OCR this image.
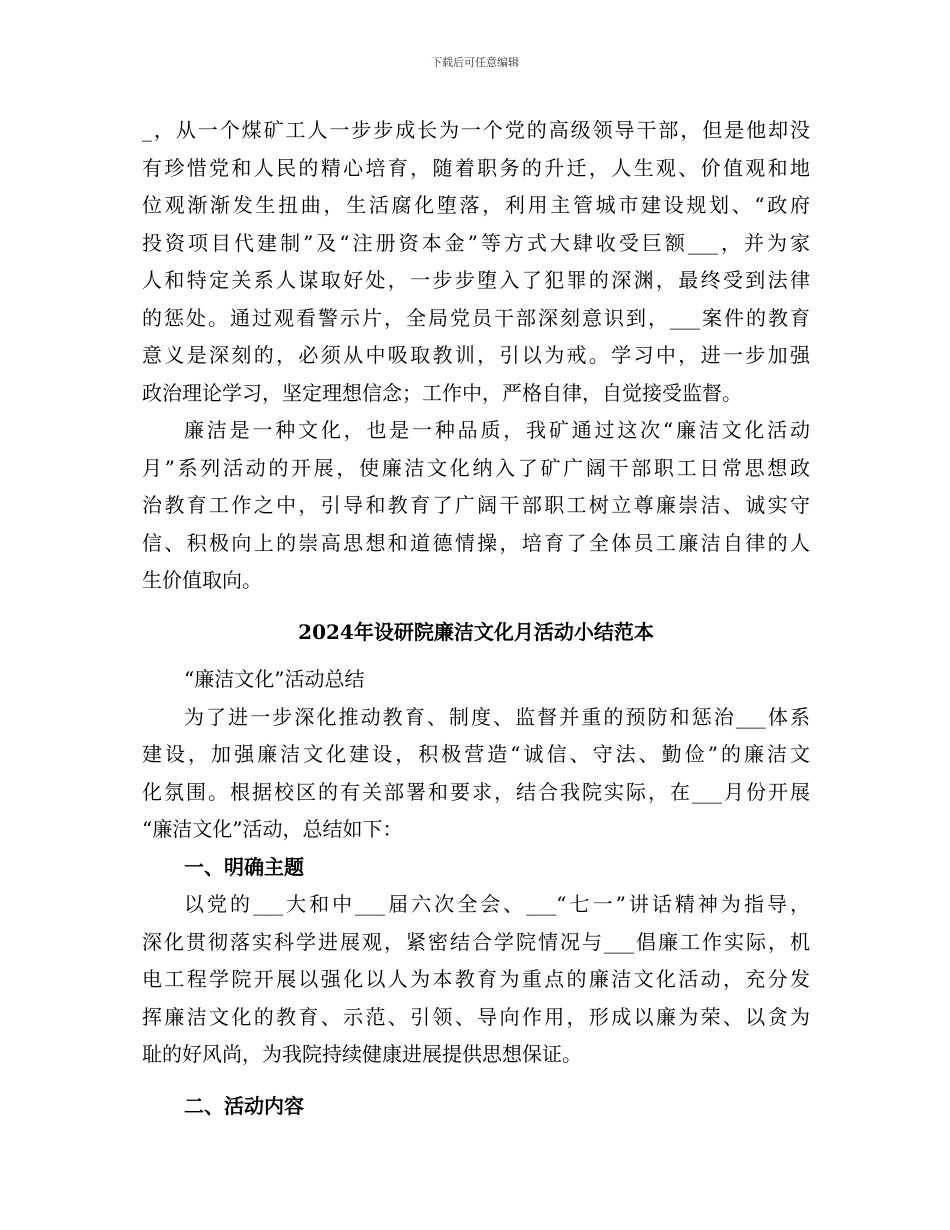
下载后可任意编辑
_，从一个煤矿工人一步步成长为一个党的高级领导干部，但是他却没
有珍惜党和人民的精心培育，随着职务的升迁，人生观、价值观和地
位观渐渐发生扭曲，生活腐化堕落，利用主管城市建设规划、“政府
投资项目代建制”及“注册资本金”等方式大肆收受巨额___，并为家
人和特定关系人谋取好处，一步步堕入了犯罪的深渊，最终受到法律
的惩处。通过观看警示片，全局党员干部深刻意识到，___案件的教育
意义是深刻的，必须从中吸取教训，引以为戒。学习中，进一步加强
政治理论学习，坚定理想信念；工作中，严格自律，自觉接受监督。
廉洁是一种文化，也是一种品质，我矿通过这次“廉洁文化活动
月”系列活动的开展，使廉洁文化纳入了矿广阔干部职工日常思想政
治教育工作之中，引导和教育了广阔干部职工树立尊廉崇洁、诚实守
信、积极向上的崇高思想和道德情操，培育了全体员工廉洁自律的人
生价值取向。
2024年设研院廉洁文化月活动小结范本
“廉洁文化”活动总结
为了进一步深化推动教育、制度、监督并重的预防和惩治___体系
建设，加强廉洁文化建设，积极营造“诚信、守法、勤俭”的廉洁文
化氛围。根据校区的有关部署和要求，结合我院实际，在___月份开展
“廉洁文化”活动，总结如下：
一、明确主题
以党的___大和中___届六次全会、___“七一”讲话精神为指导，
深化贯彻落实科学进展观，紧密结合学院情况与___倡廉工作实际，机
电工程学院开展以强化以人为本教育为重点的廉洁文化活动，充分发
挥廉洁文化的教育、示范、引领、导向作用，形成以廉为荣、以贪为
耻的好风尚，为我院持续健康进展提供思想保证。
二、活动内容
